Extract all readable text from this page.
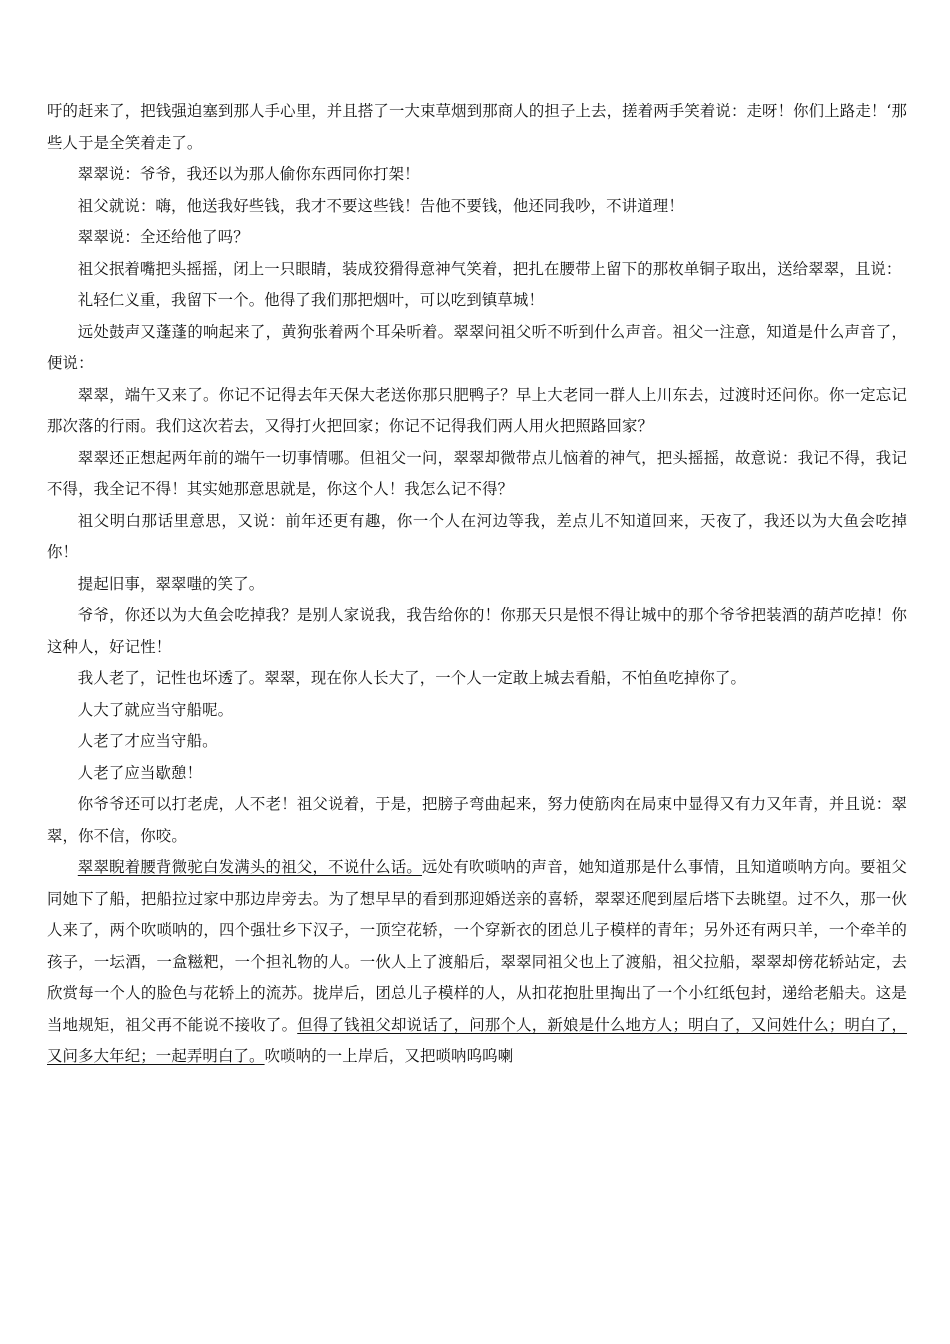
吁的赶来了，把钱强迫塞到那人手心里，并且搭了一大束草烟到那商人的担子上去，搓着两手笑着说：走呀！你们上路走！‘那些人于是全笑着走了。

翠翠说：爷爷，我还以为那人偷你东西同你打架！

祖父就说：嗨，他送我好些钱，我才不要这些钱！告他不要钱，他还同我吵，不讲道理！

翠翠说：全还给他了吗？

祖父抿着嘴把头摇摇，闭上一只眼睛，装成狡猾得意神气笑着，把扎在腰带上留下的那枚单铜子取出，送给翠翠，且说：

礼轻仁义重，我留下一个。他得了我们那把烟叶，可以吃到镇草城！

远处鼓声又蓬蓬的响起来了，黄狗张着两个耳朵听着。翠翠问祖父听不听到什么声音。祖父一注意，知道是什么声音了，便说：

翠翠，端午又来了。你记不记得去年天保大老送你那只肥鸭子？早上大老同一群人上川东去，过渡时还问你。你一定忘记那次落的行雨。我们这次若去，又得打火把回家；你记不记得我们两人用火把照路回家？

翠翠还正想起两年前的端午一切事情哪。但祖父一问，翠翠却微带点儿恼着的神气，把头摇摇，故意说：我记不得，我记不得，我全记不得！其实她那意思就是，你这个人！我怎么记不得？

祖父明白那话里意思，又说：前年还更有趣，你一个人在河边等我，差点儿不知道回来，天夜了，我还以为大鱼会吃掉你！

提起旧事，翠翠嗤的笑了。

爷爷，你还以为大鱼会吃掉我？是别人家说我，我告给你的！你那天只是恨不得让城中的那个爷爷把装酒的葫芦吃掉！你这种人，好记性！

我人老了，记性也坏透了。翠翠，现在你人长大了，一个人一定敢上城去看船，不怕鱼吃掉你了。

人大了就应当守船呢。

人老了才应当守船。

人老了应当歇憩！

你爷爷还可以打老虎，人不老！祖父说着，于是，把膀子弯曲起来，努力使筋肉在局束中显得又有力又年青，并且说：翠翠，你不信，你咬。

翠翠睨着腰背微驼白发满头的祖父，不说什么话。远处有吹唢呐的声音，她知道那是什么事情，且知道唢呐方向。要祖父同她下了船，把船拉过家中那边岸旁去。为了想早早的看到那迎婚送亲的喜轿，翠翠还爬到屋后塔下去眺望。过不久，那一伙人来了，两个吹唢呐的，四个强壮乡下汉子，一顶空花轿，一个穿新衣的团总儿子模样的青年；另外还有两只羊，一个牵羊的孩子，一坛酒，一盒糍粑，一个担礼物的人。一伙人上了渡船后，翠翠同祖父也上了渡船，祖父拉船，翠翠却傍花轿站定，去欣赏每一个人的脸色与花轿上的流苏。拢岸后，团总儿子模样的人，从扣花抱肚里掏出了一个小红纸包封，递给老船夫。这是当地规矩，祖父再不能说不接收了。但得了钱祖父却说话了，问那个人，新娘是什么地方人；明白了，又问姓什么；明白了，又问多大年纪；一起弄明白了。吹唢呐的一上岸后，又把唢呐呜呜喇
